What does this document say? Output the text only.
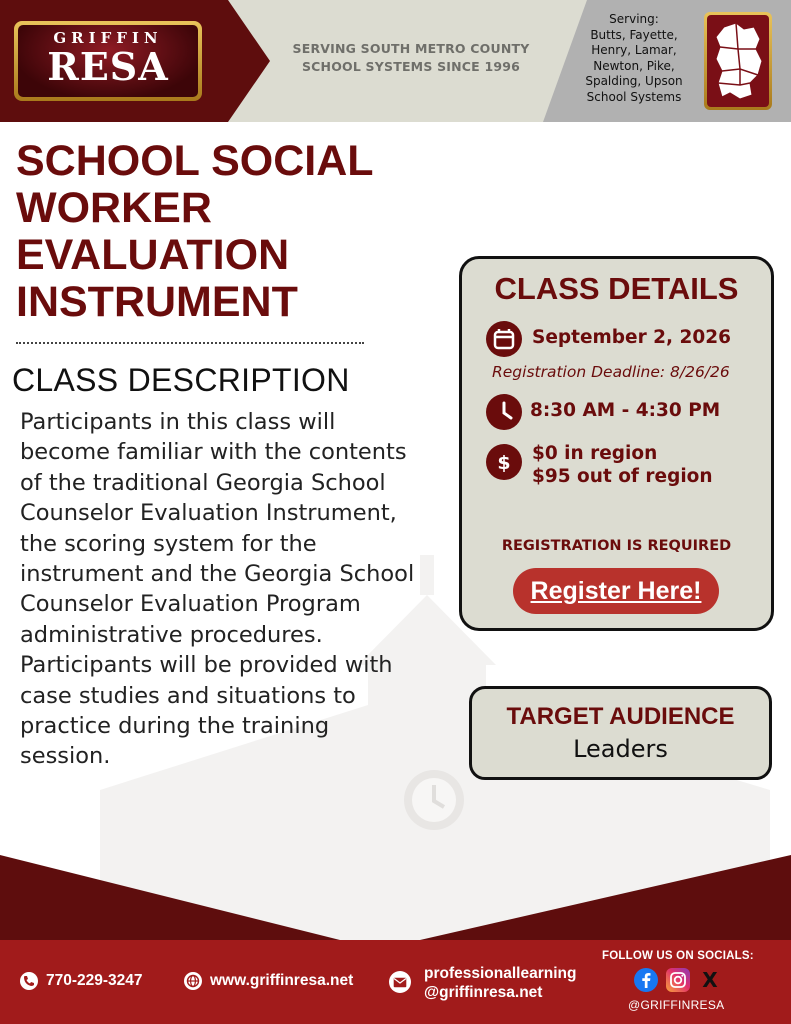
GRIFFIN
RESA	SERVING SOUTH METRO COUNTY
SCHOOL SYSTEMS SINCE 1996
Serving:
Butts, Fayette,
Henry, Lamar,
Newton, Pike,
Spalding, Upson
School Systems
SCHOOL SOCIAL
WORKER
EVALUATION
INSTRUMENT
CLASS DESCRIPTION
Participants in this class will become familiar with the contents of the traditional Georgia School Counselor Evaluation Instrument, the scoring system for the instrument and the Georgia School Counselor Evaluation Program administrative procedures. Participants will be provided with case studies and situations to practice during the training session.
CLASS DETAILS
September 2, 2026
Registration Deadline: 8/26/26
8:30 AM - 4:30 PM
$ $0 in region
$95 out of region
REGISTRATION IS REQUIRED
Register Here!
TARGET AUDIENCE
Leaders
770-229-3247	www.griffinresa.net	professionallearning
@griffinresa.net
FOLLOW US ON SOCIALS:
X
@GRIFFINRESA
